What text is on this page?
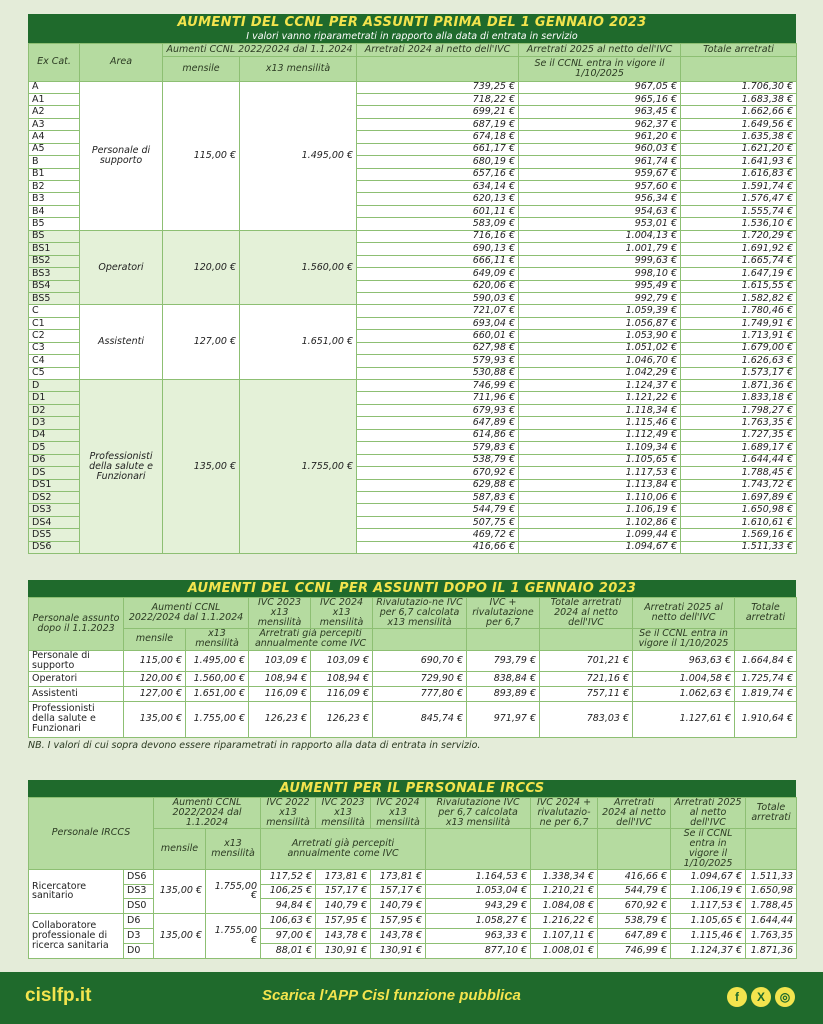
AUMENTI DEL CCNL PER ASSUNTI PRIMA DEL 1 GENNAIO 2023
I valori vanno riparametrati in rapporto alla data di entrata in servizio
Ex Cat.	Area	Aumenti CCNL 2022/2024 dal 1.1.2024		Arretrati 2024 al netto dell'IVC	Arretrati 2025 al netto dell'IVC	Totale arretrati
		mensile	x13 mensilità		Se il CCNL entra in vigore il 1/10/2025	
A	Personale di supporto	115,00 €	1.495,00 €	739,25 €	967,05 €	1.706,30 €
A1				718,22 €	965,16 €	1.683,38 €
A2				699,21 €	963,45 €	1.662,66 €
A3				687,19 €	962,37 €	1.649,56 €
A4				674,18 €	961,20 €	1.635,38 €
A5				661,17 €	960,03 €	1.621,20 €
B				680,19 €	961,74 €	1.641,93 €
B1				657,16 €	959,67 €	1.616,83 €
B2				634,14 €	957,60 €	1.591,74 €
B3				620,13 €	956,34 €	1.576,47 €
B4				601,11 €	954,63 €	1.555,74 €
B5				583,09 €	953,01 €	1.536,10 €
BS	Operatori	120,00 €	1.560,00 €	716,16 €	1.004,13 €	1.720,29 €
BS1				690,13 €	1.001,79 €	1.691,92 €
BS2				666,11 €	999,63 €	1.665,74 €
BS3				649,09 €	998,10 €	1.647,19 €
BS4				620,06 €	995,49 €	1.615,55 €
BS5				590,03 €	992,79 €	1.582,82 €
C	Assistenti	127,00 €	1.651,00 €	721,07 €	1.059,39 €	1.780,46 €
C1				693,04 €	1.056,87 €	1.749,91 €
C2				660,01 €	1.053,90 €	1.713,91 €
C3				627,98 €	1.051,02 €	1.679,00 €
C4				579,93 €	1.046,70 €	1.626,63 €
C5				530,88 €	1.042,29 €	1.573,17 €
D	Professionisti della salute e Funzionari	135,00 €	1.755,00 €	746,99 €	1.124,37 €	1.871,36 €
D1				711,96 €	1.121,22 €	1.833,18 €
D2				679,93 €	1.118,34 €	1.798,27 €
D3				647,89 €	1.115,46 €	1.763,35 €
D4				614,86 €	1.112,49 €	1.727,35 €
D5				579,83 €	1.109,34 €	1.689,17 €
D6				538,79 €	1.105,65 €	1.644,44 €
DS				670,92 €	1.117,53 €	1.788,45 €
DS1				629,88 €	1.113,84 €	1.743,72 €
DS2				587,83 €	1.110,06 €	1.697,89 €
DS3				544,79 €	1.106,19 €	1.650,98 €
DS4				507,75 €	1.102,86 €	1.610,61 €
DS5				469,72 €	1.099,44 €	1.569,16 €
DS6				416,66 €	1.094,67 €	1.511,33 €
AUMENTI DEL CCNL PER ASSUNTI DOPO IL 1 GENNAIO 2023
Personale assunto dopo il 1.1.2023	Aumenti CCNL 2022/2024 dal 1.1.2024		IVC 2023 x13 mensilità	IVC 2024 x13 mensilità	Rivalutazio-ne IVC per 6,7 calcolata x13 mensilità	IVC + rivalutazione per 6,7	Totale arretrati 2024 al netto dell'IVC	Arretrati 2025 al netto dell'IVC	Totale arretrati
	mensile	x13 mensilità	Arretrati già percepiti annualmente come IVC					Se il CCNL entra in vigore il 1/10/2025	
Personale di supporto	115,00 €	1.495,00 €	103,09 €	103,09 €	690,70 €	793,79 €	701,21 €	963,63 €	1.664,84 €
Operatori	120,00 €	1.560,00 €	108,94 €	108,94 €	729,90 €	838,84 €	721,16 €	1.004,58 €	1.725,74 €
Assistenti	127,00 €	1.651,00 €	116,09 €	116,09 €	777,80 €	893,89 €	757,11 €	1.062,63 €	1.819,74 €
Professionisti della salute e Funzionari	135,00 €	1.755,00 €	126,23 €	126,23 €	845,74 €	971,97 €	783,03 €	1.127,61 €	1.910,64 €
NB. I valori di cui sopra devono essere riparametrati in rapporto alla data di entrata in servizio.
AUMENTI PER IL PERSONALE IRCCS
Personale IRCCS		Aumenti CCNL 2022/2024 dal 1.1.2024		IVC 2022 x13 mensilità	IVC 2023 x13 mensilità	IVC 2024 x13 mensilità	Rivalutazione IVC per 6,7 calcolata x13 mensilità	IVC 2024 + rivalutazio-ne per 6,7	Arretrati 2024 al netto dell'IVC	Arretrati 2025 al netto dell'IVC	Totale arretrati
		mensile	x13 mensilità	Arretrati già percepiti annualmente come IVC						Se il CCNL entra in vigore il 1/10/2025	
Ricercatore sanitario	DS6	135,00 €	1.755,00 €	117,52 €	173,81 €	173,81 €	1.164,53 €	1.338,34 €	416,66 €	1.094,67 €	1.511,33
	DS3			106,25 €	157,17 €	157,17 €	1.053,04 €	1.210,21 €	544,79 €	1.106,19 €	1.650,98
	DS0			94,84 €	140,79 €	140,79 €	943,29 €	1.084,08 €	670,92 €	1.117,53 €	1.788,45
Collaboratore professionale di ricerca sanitaria	D6	135,00 €	1.755,00 €	106,63 €	157,95 €	157,95 €	1.058,27 €	1.216,22 €	538,79 €	1.105,65 €	1.644,44
	D3			97,00 €	143,78 €	143,78 €	963,33 €	1.107,11 €	647,89 €	1.115,46 €	1.763,35
	D0			88,01 €	130,91 €	130,91 €	877,10 €	1.008,01 €	746,99 €	1.124,37 €	1.871,36
cislfp.it	Scarica l'APP Cisl funzione pubblica	f	X	◎
